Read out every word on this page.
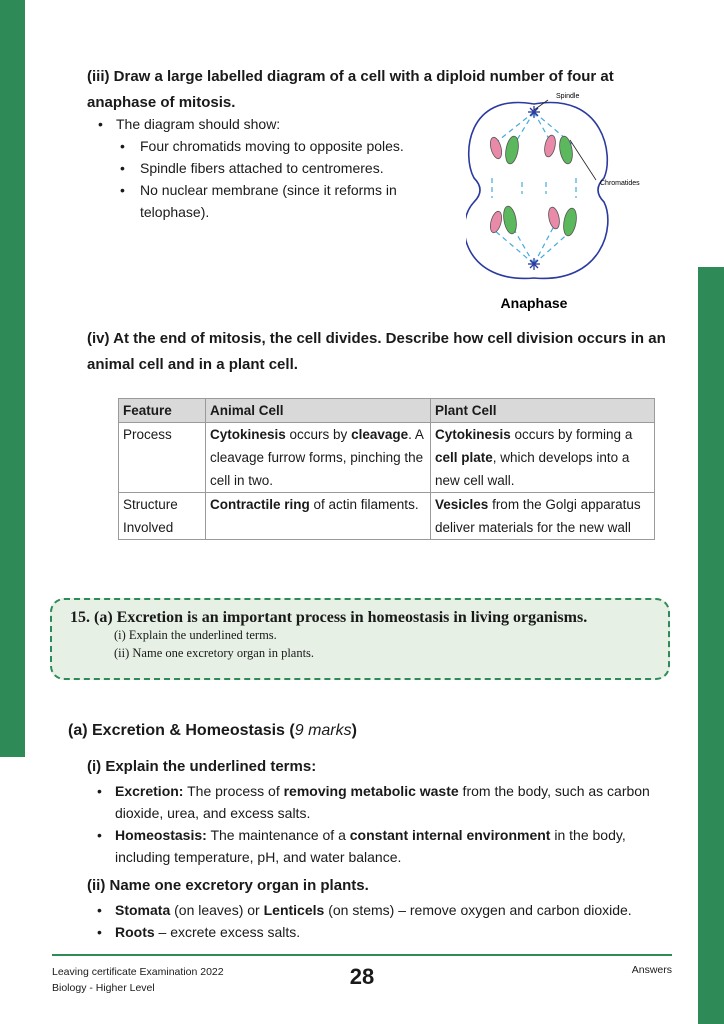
(iii) Draw a large labelled diagram of a cell with a diploid number of four at anaphase of mitosis.
• The diagram should show:
• Four chromatids moving to opposite poles.
• Spindle fibers attached to centromeres.
• No nuclear membrane (since it reforms in telophase).
Spindle
Chromatides
Anaphase
(iv) At the end of mitosis, the cell divides. Describe how cell division occurs in an animal cell and in a plant cell.
Feature	Animal Cell	Plant Cell
Process	Cytokinesis occurs by cleavage. A cleavage furrow forms, pinching the cell in two.	Cytokinesis occurs by forming a cell plate, which develops into a new cell wall.
Structure Involved	Contractile ring of actin filaments.	Vesicles from the Golgi apparatus deliver materials for the new wall
15. (a) Excretion is an important process in homeostasis in living organisms.
(i) Explain the underlined terms.
(ii) Name one excretory organ in plants.
(a) Excretion & Homeostasis (9 marks)
(i) Explain the underlined terms:
• Excretion: The process of removing metabolic waste from the body, such as carbon dioxide, urea, and excess salts.
• Homeostasis: The maintenance of a constant internal environment in the body, including temperature, pH, and water balance.
(ii) Name one excretory organ in plants.
• Stomata (on leaves) or Lenticels (on stems) – remove oxygen and carbon dioxide.
• Roots – excrete excess salts.
Leaving certificate Examination 2022
Biology - Higher Level	28	Answers
